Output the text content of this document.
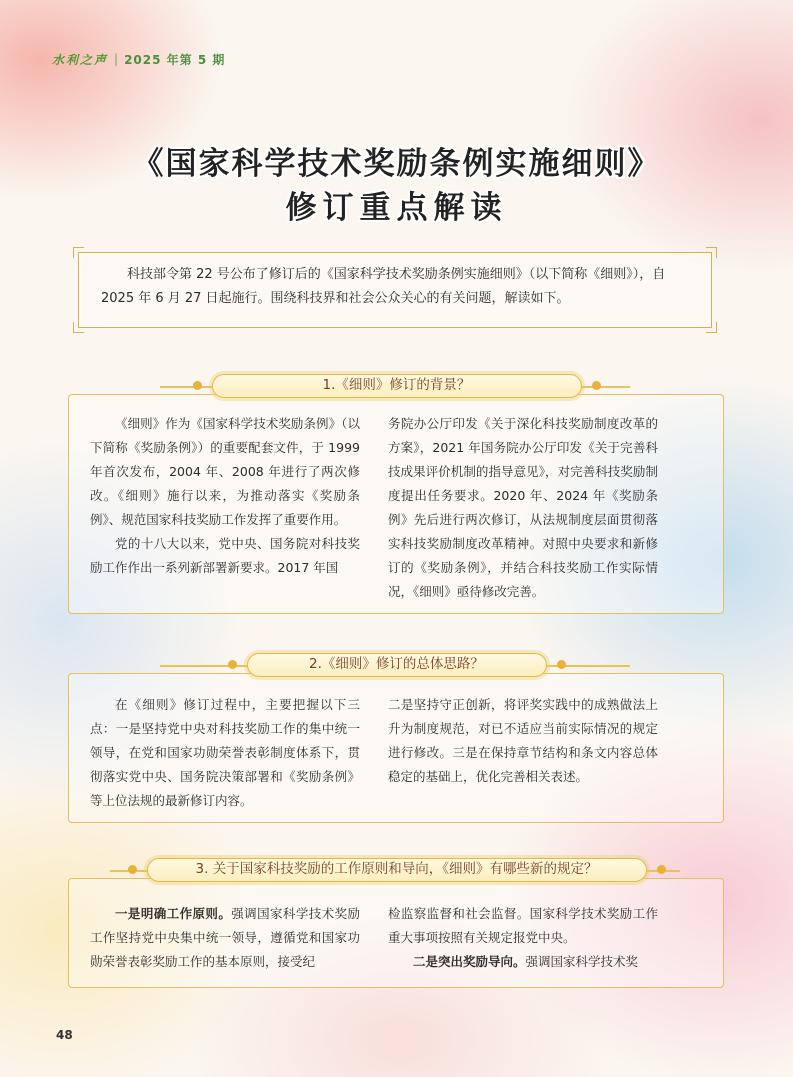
水利之声 | 2025 年第 5 期
《国家科学技术奖励条例实施细则》
修订重点解读

科技部令第 22 号公布了修订后的《国家科学技术奖励条例实施细则》（以下简称《细则》），自 2025 年 6 月 27 日起施行。围绕科技界和社会公众关心的有关问题，解读如下。

1.《细则》修订的背景？

《细则》作为《国家科学技术奖励条例》（以下简称《奖励条例》）的重要配套文件，于 1999 年首次发布，2004 年、2008 年进行了两次修改。《细则》施行以来，为推动落实《奖励条例》、规范国家科技奖励工作发挥了重要作用。

党的十八大以来，党中央、国务院对科技奖励工作作出一系列新部署新要求。2017 年国

务院办公厅印发《关于深化科技奖励制度改革的方案》，2021 年国务院办公厅印发《关于完善科技成果评价机制的指导意见》，对完善科技奖励制度提出任务要求。2020 年、2024 年《奖励条例》先后进行两次修订，从法规制度层面贯彻落实科技奖励制度改革精神。对照中央要求和新修订的《奖励条例》，并结合科技奖励工作实际情况，《细则》亟待修改完善。

2.《细则》修订的总体思路？

在《细则》修订过程中，主要把握以下三点：一是坚持党中央对科技奖励工作的集中统一领导，在党和国家功勋荣誉表彰制度体系下，贯彻落实党中央、国务院决策部署和《奖励条例》等上位法规的最新修订内容。

二是坚持守正创新，将评奖实践中的成熟做法上升为制度规范，对已不适应当前实际情况的规定进行修改。三是在保持章节结构和条文内容总体稳定的基础上，优化完善相关表述。

3. 关于国家科技奖励的工作原则和导向，《细则》有哪些新的规定？

一是明确工作原则。强调国家科学技术奖励工作坚持党中央集中统一领导，遵循党和国家功勋荣誉表彰奖励工作的基本原则，接受纪

检监察监督和社会监督。国家科学技术奖励工作重大事项按照有关规定报党中央。

二是突出奖励导向。强调国家科学技术奖

48
